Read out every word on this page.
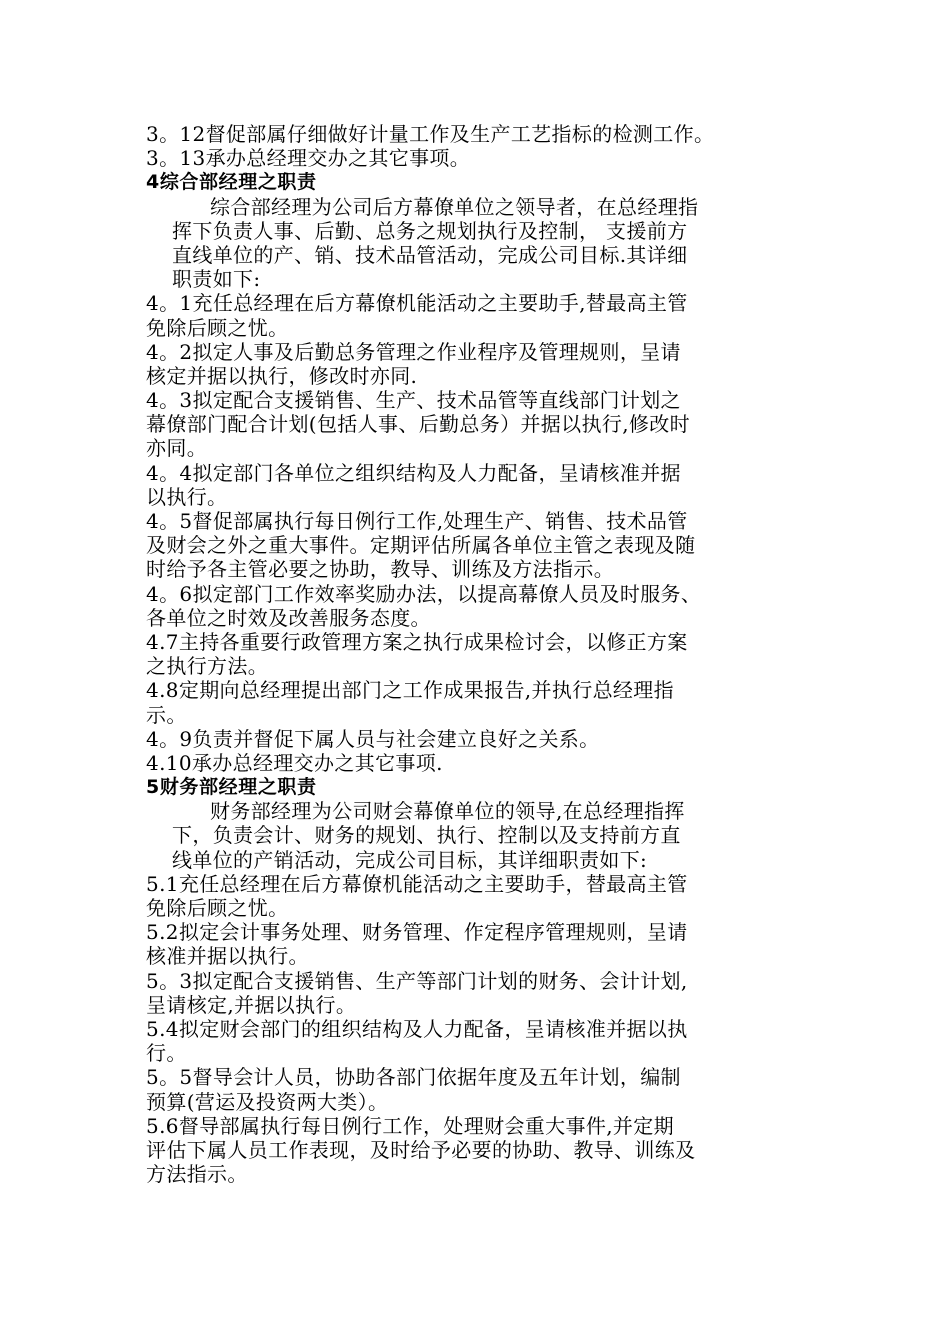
3。12督促部属仔细做好计量工作及生产工艺指标的检测工作。
3。13承办总经理交办之其它事项。
4综合部经理之职责
综合部经理为公司后方幕僚单位之领导者，在总经理指
挥下负责人事、后勤、总务之规划执行及控制， 支援前方
直线单位的产、销、技术品管活动，完成公司目标.其详细
职责如下:
4。1充任总经理在后方幕僚机能活动之主要助手,替最高主管
免除后顾之忧。
4。2拟定人事及后勤总务管理之作业程序及管理规则，呈请
核定并据以执行，修改时亦同.
4。3拟定配合支援销售、生产、技术品管等直线部门计划之
幕僚部门配合计划(包括人事、后勤总务）并据以执行,修改时
亦同。
4。4拟定部门各单位之组织结构及人力配备，呈请核准并据
以执行。
4。5督促部属执行每日例行工作,处理生产、销售、技术品管
及财会之外之重大事件。定期评估所属各单位主管之表现及随
时给予各主管必要之协助，教导、训练及方法指示。
4。6拟定部门工作效率奖励办法，以提高幕僚人员及时服务、
各单位之时效及改善服务态度。
4.7主持各重要行政管理方案之执行成果检讨会，以修正方案
之执行方法。
4.8定期向总经理提出部门之工作成果报告,并执行总经理指
示。
4。9负责并督促下属人员与社会建立良好之关系。
4.10承办总经理交办之其它事项.
5财务部经理之职责
财务部经理为公司财会幕僚单位的领导,在总经理指挥
下，负责会计、财务的规划、执行、控制以及支持前方直
线单位的产销活动，完成公司目标，其详细职责如下:
5.1充任总经理在后方幕僚机能活动之主要助手，替最高主管
免除后顾之忧。
5.2拟定会计事务处理、财务管理、作定程序管理规则，呈请
核准并据以执行。
5。3拟定配合支援销售、生产等部门计划的财务、会计计划,
呈请核定,并据以执行。
5.4拟定财会部门的组织结构及人力配备，呈请核准并据以执
行。
5。5督导会计人员，协助各部门依据年度及五年计划，编制
预算(营运及投资两大类）。
5.6督导部属执行每日例行工作，处理财会重大事件,并定期
评估下属人员工作表现，及时给予必要的协助、教导、训练及
方法指示。
